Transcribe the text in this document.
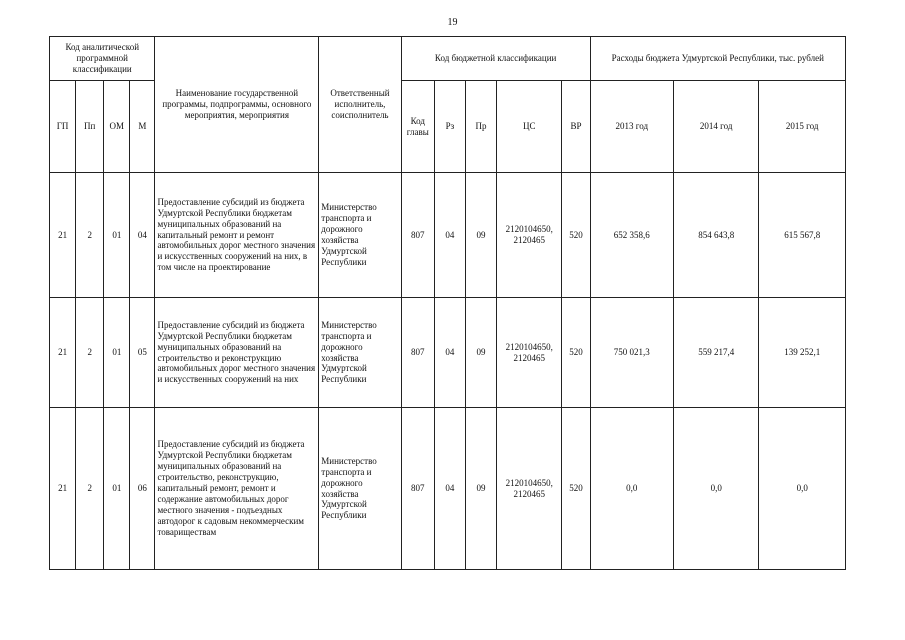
19
Код аналитической программной классификации				Наименование государственной программы, подпрограммы, основного мероприятия, мероприятия	Ответственный исполнитель, соисполнитель	Код бюджетной классификации					Расходы бюджета Удмуртской Республики, тыс. рублей		
ГП	Пп	ОМ	М			Код главы	Рз	Пр	ЦС	ВР	2013 год	2014 год	2015 год
21	2	01	04	Предоставление субсидий из бюджета Удмуртской Республики бюджетам муниципальных образований на капитальный ремонт и ремонт автомобильных дорог местного значения и искусственных сооружений на них, в том числе на проектирование	Министерство транспорта и дорожного хозяйства Удмуртской Республики	807	04	09	2120104650, 2120465	520	652 358,6	854 643,8	615 567,8
21	2	01	05	Предоставление субсидий из бюджета Удмуртской Республики бюджетам муниципальных образований на строительство и реконструкцию автомобильных дорог местного значения и искусственных сооружений на них	Министерство транспорта и дорожного хозяйства Удмуртской Республики	807	04	09	2120104650, 2120465	520	750 021,3	559 217,4	139 252,1
21	2	01	06	Предоставление субсидий из бюджета Удмуртской Республики бюджетам муниципальных образований на строительство, реконструкцию, капитальный ремонт, ремонт и содержание автомобильных дорог местного значения - подъездных автодорог к садовым некоммерческим товариществам	Министерство транспорта и дорожного хозяйства Удмуртской Республики	807	04	09	2120104650, 2120465	520	0,0	0,0	0,0
